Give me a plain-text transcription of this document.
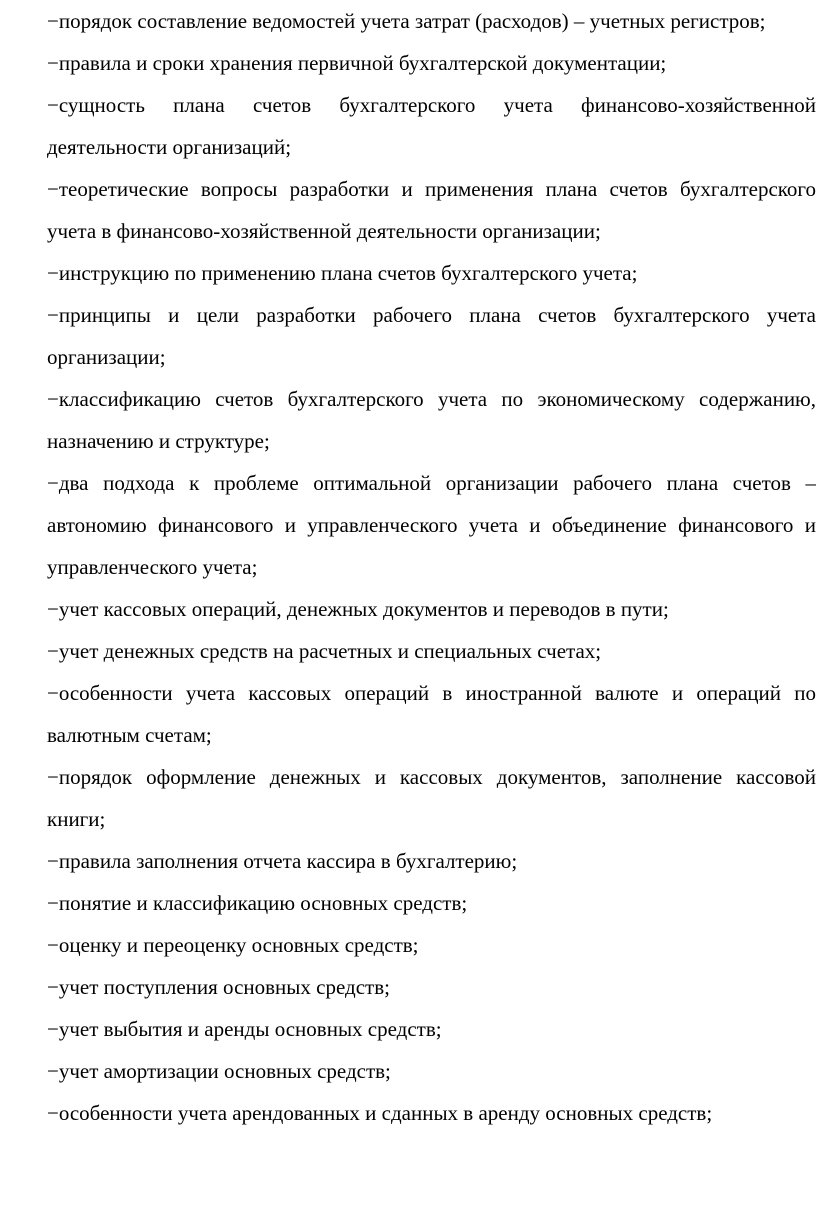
−порядок составление ведомостей учета затрат (расходов) – учетных регистров;

−правила и сроки хранения первичной бухгалтерской документации;

−сущность плана счетов бухгалтерского учета финансово-хозяйственной деятельности организаций;

−теоретические вопросы разработки и применения плана счетов бухгалтерского учета в финансово-хозяйственной деятельности организации;

−инструкцию по применению плана счетов бухгалтерского учета;

−принципы и цели разработки рабочего плана счетов бухгалтерского учета организации;

−классификацию счетов бухгалтерского учета по экономическому содержанию, назначению и структуре;

−два подхода к проблеме оптимальной организации рабочего плана счетов – автономию финансового и управленческого учета и объединение финансового и управленческого учета;

−учет кассовых операций, денежных документов и переводов в пути;

−учет денежных средств на расчетных и специальных счетах;

−особенности учета кассовых операций в иностранной валюте и операций по валютным счетам;

−порядок оформление денежных и кассовых документов, заполнение кассовой книги;

−правила заполнения отчета кассира в бухгалтерию;

−понятие и классификацию основных средств;

−оценку и переоценку основных средств;

−учет поступления основных средств;

−учет выбытия и аренды основных средств;

−учет амортизации основных средств;

−особенности учета арендованных и сданных в аренду основных средств;
